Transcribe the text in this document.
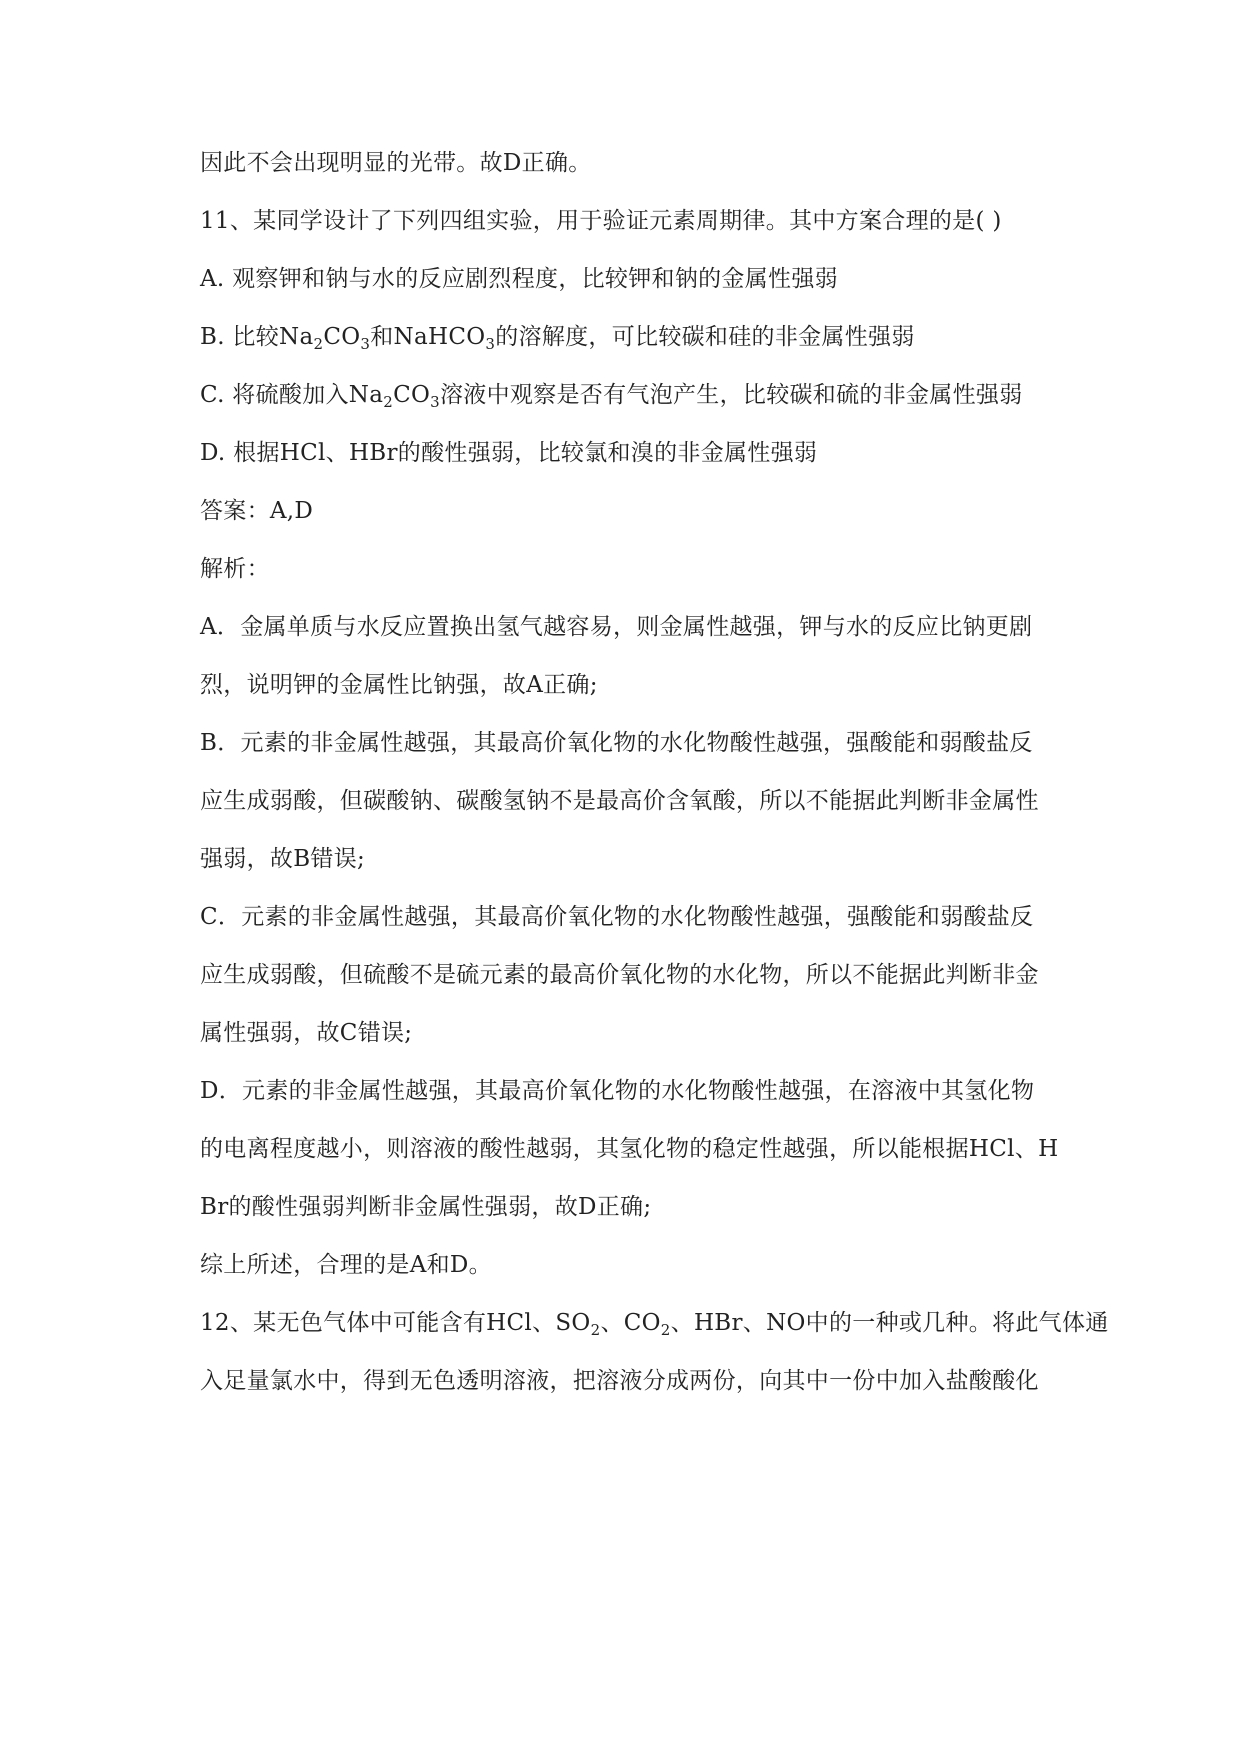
因此不会出现明显的光带。故D正确。
11、某同学设计了下列四组实验，用于验证元素周期律。其中方案合理的是( )
A. 观察钾和钠与水的反应剧烈程度，比较钾和钠的金属性强弱
B. 比较$Na_2CO_3$和NaHCO$_3$的溶解度，可比较碳和硅的非金属性强弱
C. 将硫酸加入$Na_2CO_3$溶液中观察是否有气泡产生，比较碳和硫的非金属性强弱
D. 根据HCl、HBr的酸性强弱，比较氯和溴的非金属性强弱
答案：A,D
解析：
A．金属单质与水反应置换出氢气越容易，则金属性越强，钾与水的反应比钠更剧
烈，说明钾的金属性比钠强，故A正确;
B．元素的非金属性越强，其最高价氧化物的水化物酸性越强，强酸能和弱酸盐反
应生成弱酸，但碳酸钠、碳酸氢钠不是最高价含氧酸，所以不能据此判断非金属性
强弱，故B错误;
C．元素的非金属性越强，其最高价氧化物的水化物酸性越强，强酸能和弱酸盐反
应生成弱酸，但硫酸不是硫元素的最高价氧化物的水化物，所以不能据此判断非金
属性强弱，故C错误;
D．元素的非金属性越强，其最高价氧化物的水化物酸性越强，在溶液中其氢化物
的电离程度越小，则溶液的酸性越弱，其氢化物的稳定性越强，所以能根据HCl、H
Br的酸性强弱判断非金属性强弱，故D正确;
综上所述，合理的是A和D。
12、某无色气体中可能含有HCl、$SO_2$、$CO_2$、HBr、NO中的一种或几种。将此气体通
入足量氯水中，得到无色透明溶液，把溶液分成两份，向其中一份中加入盐酸酸化
